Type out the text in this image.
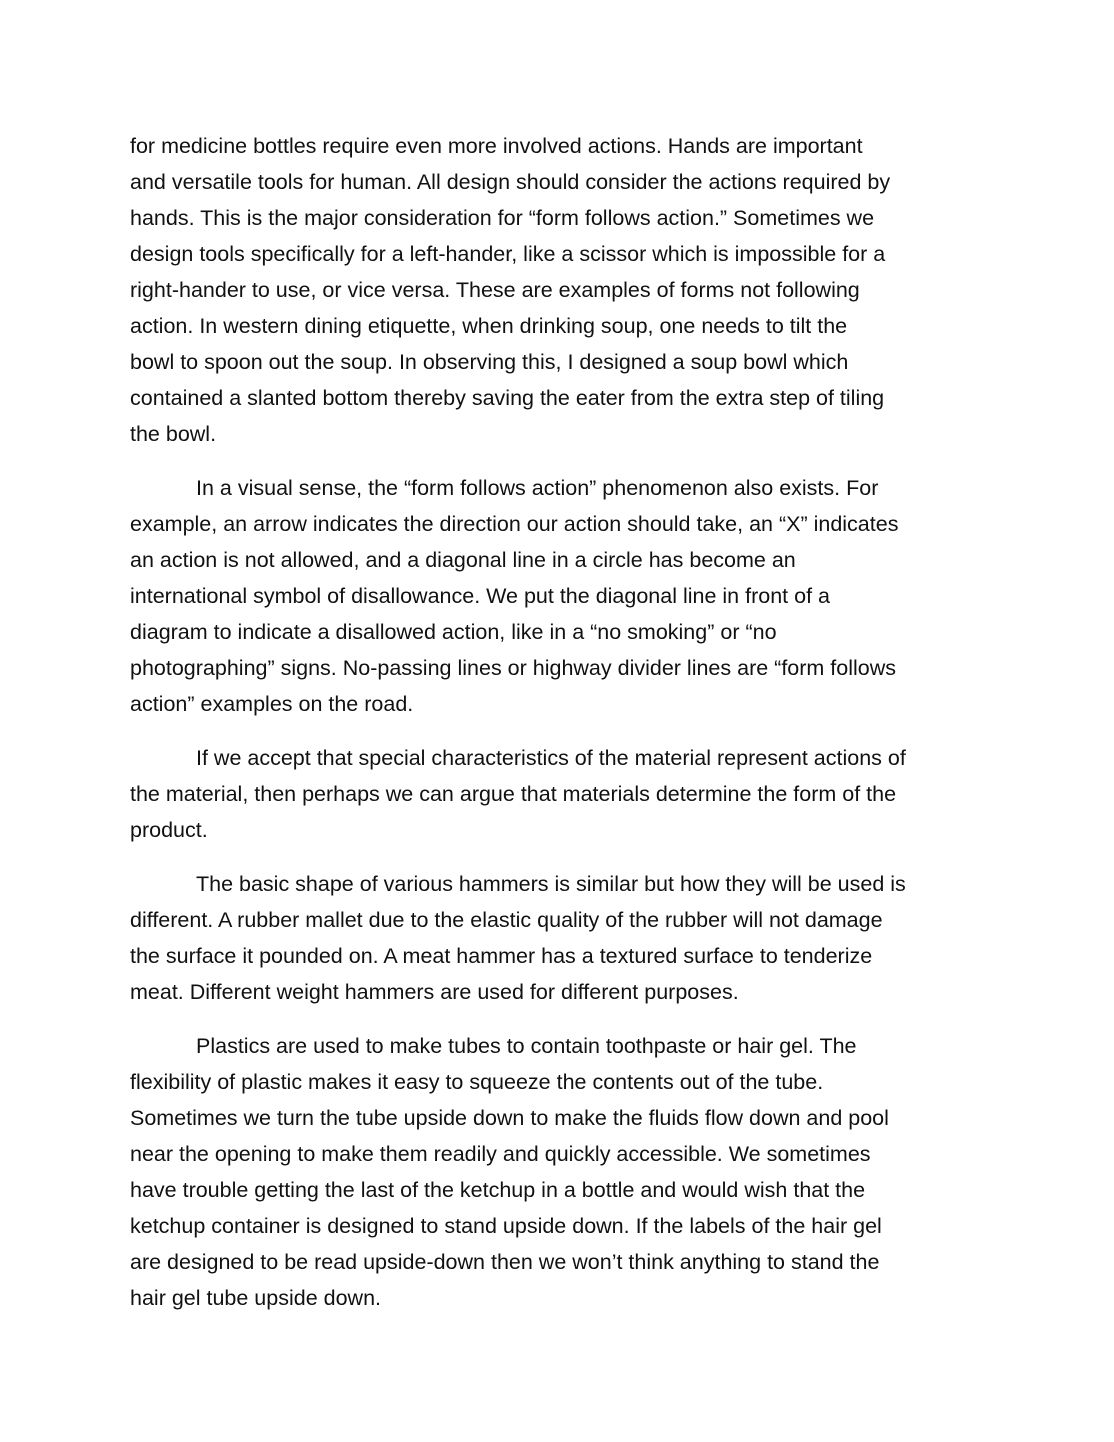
for medicine bottles require even more involved actions. Hands are important
and versatile tools for human. All design should consider the actions required by
hands. This is the major consideration for “form follows action.” Sometimes we
design tools specifically for a left-hander, like a scissor which is impossible for a
right-hander to use, or vice versa. These are examples of forms not following
action. In western dining etiquette, when drinking soup, one needs to tilt the
bowl to spoon out the soup. In observing this, I designed a soup bowl which
contained a slanted bottom thereby saving the eater from the extra step of tiling
the bowl.
In a visual sense, the “form follows action” phenomenon also exists. For
example, an arrow indicates the direction our action should take, an “X” indicates
an action is not allowed, and a diagonal line in a circle has become an
international symbol of disallowance. We put the diagonal line in front of a
diagram to indicate a disallowed action, like in a “no smoking” or “no
photographing” signs. No-passing lines or highway divider lines are “form follows
action” examples on the road.
If we accept that special characteristics of the material represent actions of
the material, then perhaps we can argue that materials determine the form of the
product.
The basic shape of various hammers is similar but how they will be used is
different. A rubber mallet due to the elastic quality of the rubber will not damage
the surface it pounded on. A meat hammer has a textured surface to tenderize
meat. Different weight hammers are used for different purposes.
Plastics are used to make tubes to contain toothpaste or hair gel. The
flexibility of plastic makes it easy to squeeze the contents out of the tube.
Sometimes we turn the tube upside down to make the fluids flow down and pool
near the opening to make them readily and quickly accessible. We sometimes
have trouble getting the last of the ketchup in a bottle and would wish that the
ketchup container is designed to stand upside down. If the labels of the hair gel
are designed to be read upside-down then we won’t think anything to stand the
hair gel tube upside down.
